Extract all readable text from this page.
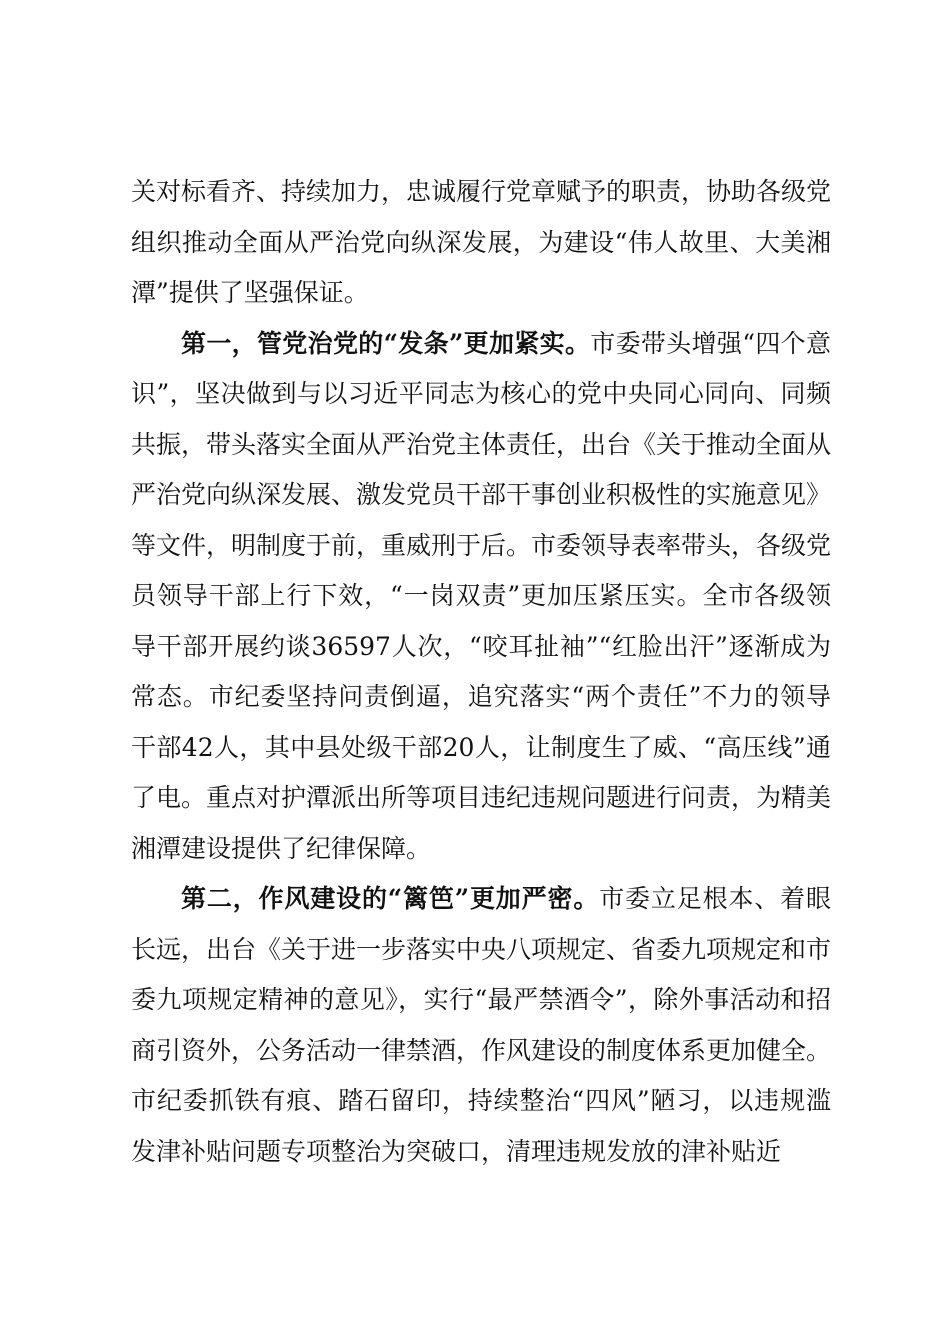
关对标看齐、持续加力，忠诚履行党章赋予的职责，协助各级党组织推动全面从严治党向纵深发展，为建设“伟人故里、大美湘潭”提供了坚强保证。

第一，管党治党的“发条”更加紧实。市委带头增强“四个意识”，坚决做到与以习近平同志为核心的党中央同心同向、同频共振，带头落实全面从严治党主体责任，出台《关于推动全面从严治党向纵深发展、激发党员干部干事创业积极性的实施意见》等文件，明制度于前，重威刑于后。市委领导表率带头，各级党员领导干部上行下效，“一岗双责”更加压紧压实。全市各级领导干部开展约谈36597人次，“咬耳扯袖”“红脸出汗”逐渐成为常态。市纪委坚持问责倒逼，追究落实“两个责任”不力的领导干部42人，其中县处级干部20人，让制度生了威、“高压线”通了电。重点对护潭派出所等项目违纪违规问题进行问责，为精美湘潭建设提供了纪律保障。

第二，作风建设的“篱笆”更加严密。市委立足根本、着眼长远，出台《关于进一步落实中央八项规定、省委九项规定和市委九项规定精神的意见》，实行“最严禁酒令”，除外事活动和招商引资外，公务活动一律禁酒，作风建设的制度体系更加健全。市纪委抓铁有痕、踏石留印，持续整治“四风”陋习，以违规滥发津补贴问题专项整治为突破口，清理违规发放的津补贴近
